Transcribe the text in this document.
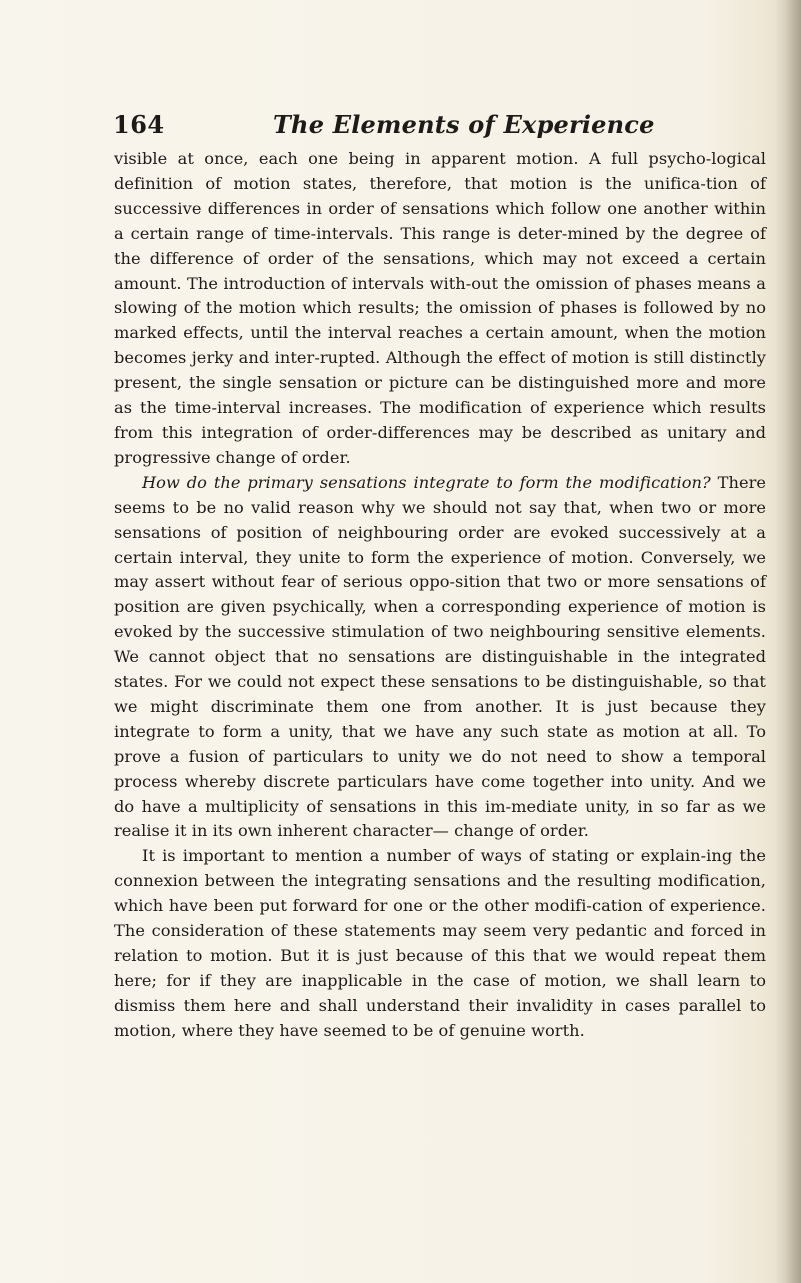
164	The Elements of Experience

visible at once, each one being in apparent motion. A full psycho-logical definition of motion states, therefore, that motion is the unifica-tion of successive differences in order of sensations which follow one another within a certain range of time-intervals. This range is deter-mined by the degree of the difference of order of the sensations, which may not exceed a certain amount. The introduction of intervals with-out the omission of phases means a slowing of the motion which results; the omission of phases is followed by no marked effects, until the interval reaches a certain amount, when the motion becomes jerky and inter-rupted. Although the effect of motion is still distinctly present, the single sensation or picture can be distinguished more and more as the time-interval increases. The modification of experience which results from this integration of order-differences may be described as unitary and progressive change of order.

How do the primary sensations integrate to form the modification? There seems to be no valid reason why we should not say that, when two or more sensations of position of neighbouring order are evoked successively at a certain interval, they unite to form the experience of motion. Conversely, we may assert without fear of serious oppo-sition that two or more sensations of position are given psychically, when a corresponding experience of motion is evoked by the successive stimulation of two neighbouring sensitive elements. We cannot object that no sensations are distinguishable in the integrated states. For we could not expect these sensations to be distinguishable, so that we might discriminate them one from another. It is just because they integrate to form a unity, that we have any such state as motion at all. To prove a fusion of particulars to unity we do not need to show a temporal process whereby discrete particulars have come together into unity. And we do have a multiplicity of sensations in this im-mediate unity, in so far as we realise it in its own inherent character— change of order.

It is important to mention a number of ways of stating or explain-ing the connexion between the integrating sensations and the resulting modification, which have been put forward for one or the other modifi-cation of experience. The consideration of these statements may seem very pedantic and forced in relation to motion. But it is just because of this that we would repeat them here; for if they are inapplicable in the case of motion, we shall learn to dismiss them here and shall understand their invalidity in cases parallel to motion, where they have seemed to be of genuine worth.
